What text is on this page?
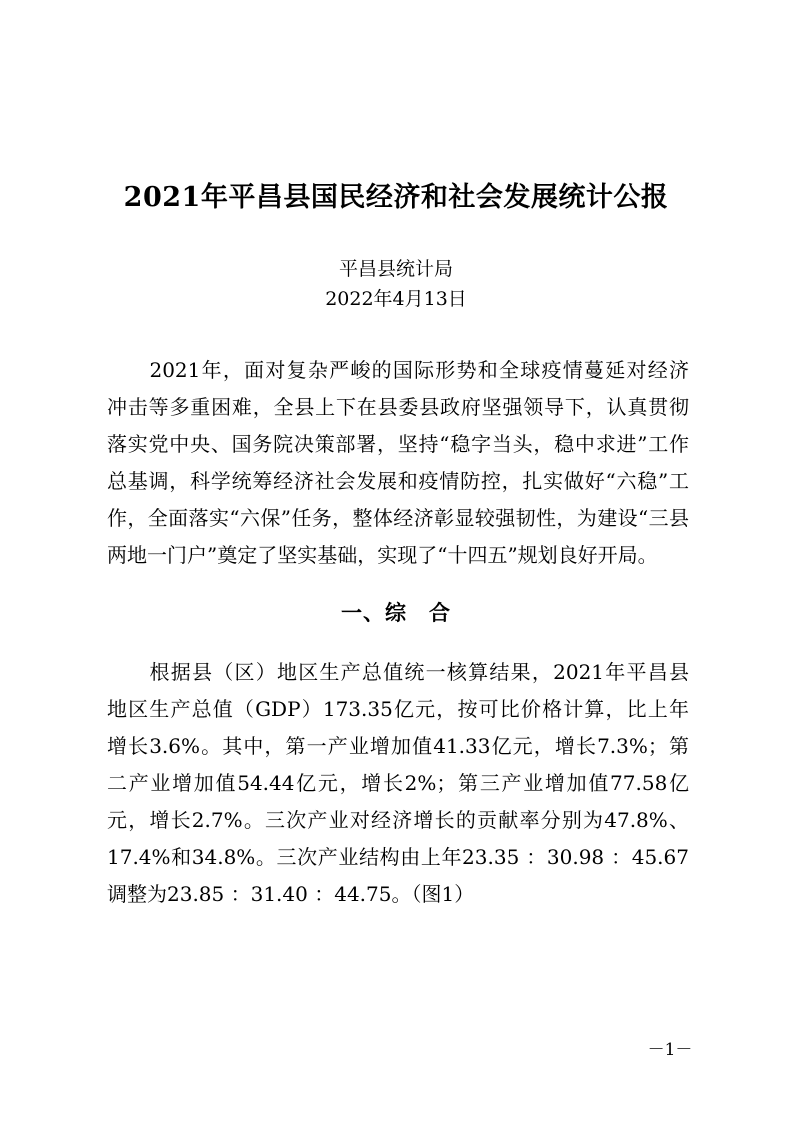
2021年平昌县国民经济和社会发展统计公报
平昌县统计局
2022年4月13日

　　2021年，面对复杂严峻的国际形势和全球疫情蔓延对经济
冲击等多重困难，全县上下在县委县政府坚强领导下，认真贯彻
落实党中央、国务院决策部署，坚持“稳字当头，稳中求进”工作
总基调，科学统筹经济社会发展和疫情防控，扎实做好“六稳”工
作，全面落实“六保”任务，整体经济彰显较强韧性，为建设“三县
两地一门户”奠定了坚实基础，实现了“十四五”规划良好开局。

一、综　合

　　根据县（区）地区生产总值统一核算结果，2021年平昌县
地区生产总值（GDP）173.35亿元，按可比价格计算，比上年
增长3.6%。其中，第一产业增加值41.33亿元，增长7.3%；第
二产业增加值54.44亿元，增长2%；第三产业增加值77.58亿
元，增长2.7%。三次产业对经济增长的贡献率分别为47.8%、
17.4%和34.8%。三次产业结构由上年23.35 ：30.98 ：45.67
调整为23.85 ：31.40 ：44.75。（图1）

－1－
